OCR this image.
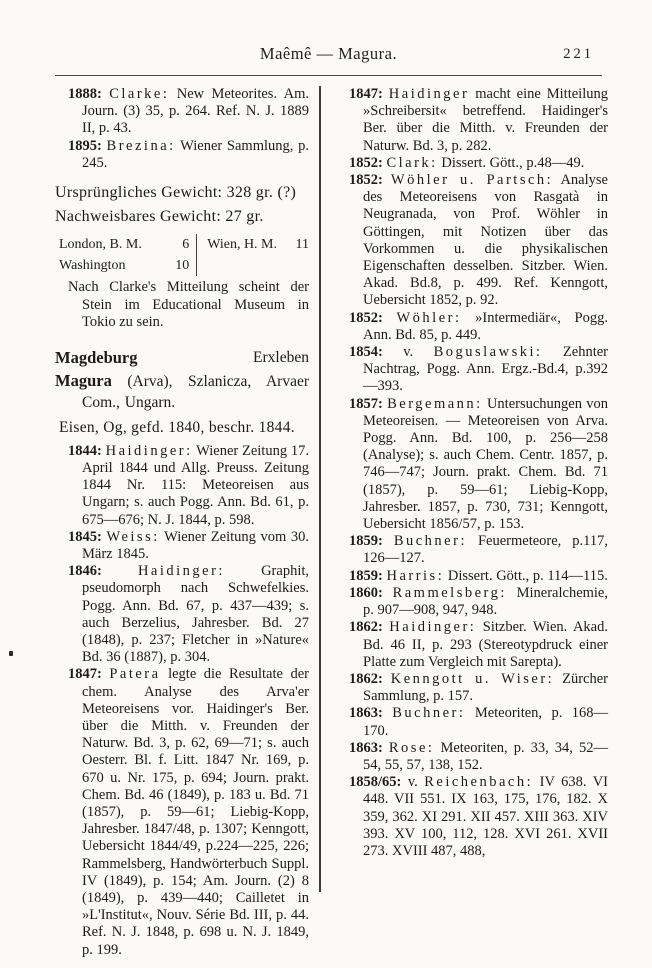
Maêmê — Magura.	221

1888: Clarke: New Meteorites. Am. Journ. (3) 35, p. 264. Ref. N. J. 1889 II, p. 43.

1895: Brezina: Wiener Sammlung, p. 245.

Ursprüngliches Gewicht: 328 gr. (?)

Nachweisbares Gewicht: 27 gr.

London, B. M.	6
Washington	10
Wien, H. M. 11

Nach Clarke's Mitteilung scheint der Stein im Educational Museum in Tokio zu sein.

Magdeburg	Erxleben

Magura (Arva), Szlanicza, Arvaer Com., Ungarn.

Eisen, Og, gefd. 1840, beschr. 1844.

1844: Haidinger: Wiener Zeitung 17. April 1844 und Allg. Preuss. Zeitung 1844 Nr. 115: Meteoreisen aus Ungarn; s. auch Pogg. Ann. Bd. 61, p. 675—676; N. J. 1844, p. 598.

1845: Weiss: Wiener Zeitung vom 30. März 1845.

1846: Haidinger: Graphit, pseudomorph nach Schwefelkies. Pogg. Ann. Bd. 67, p. 437—439; s. auch Berzelius, Jahresber. Bd. 27 (1848), p. 237; Fletcher in »Nature« Bd. 36 (1887), p. 304.

1847: Patera legte die Resultate der chem. Analyse des Arva'er Meteoreisens vor. Haidinger's Ber. über die Mitth. v. Freunden der Naturw. Bd. 3, p. 62, 69—71; s. auch Oesterr. Bl. f. Litt. 1847 Nr. 169, p. 670 u. Nr. 175, p. 694; Journ. prakt. Chem. Bd. 46 (1849), p. 183 u. Bd. 71 (1857), p. 59—61; Liebig-Kopp, Jahresber. 1847/48, p. 1307; Kenngott, Uebersicht 1844/49, p.224—225, 226; Rammelsberg, Handwörterbuch Suppl. IV (1849), p. 154; Am. Journ. (2) 8 (1849), p. 439—440; Cailletet in »L'Institut«, Nouv. Série Bd. III, p. 44. Ref. N. J. 1848, p. 698 u. N. J. 1849, p. 199.

1847: Haidinger macht eine Mitteilung »Schreibersit« betreffend. Haidinger's Ber. über die Mitth. v. Freunden der Naturw. Bd. 3, p. 282.

1852: Clark: Dissert. Gött., p.48—49.

1852: Wöhler u. Partsch: Analyse des Meteoreisens von Rasgatà in Neugranada, von Prof. Wöhler in Göttingen, mit Notizen über das Vorkommen u. die physikalischen Eigenschaften desselben. Sitzber. Wien. Akad. Bd.8, p. 499. Ref. Kenngott, Uebersicht 1852, p. 92.

1852: Wöhler: »Intermediär«, Pogg. Ann. Bd. 85, p. 449.

1854: v. Boguslawski: Zehnter Nachtrag, Pogg. Ann. Ergz.-Bd.4, p.392—393.

1857: Bergemann: Untersuchungen von Meteoreisen. — Meteoreisen von Arva. Pogg. Ann. Bd. 100, p. 256—258 (Analyse); s. auch Chem. Centr. 1857, p. 746—747; Journ. prakt. Chem. Bd. 71 (1857), p. 59—61; Liebig-Kopp, Jahresber. 1857, p. 730, 731; Kenngott, Uebersicht 1856/57, p. 153.

1859: Buchner: Feuermeteore, p.117, 126—127.

1859: Harris: Dissert. Gött., p. 114—115.

1860: Rammelsberg: Mineralchemie, p. 907—908, 947, 948.

1862: Haidinger: Sitzber. Wien. Akad. Bd. 46 II, p. 293 (Stereotypdruck einer Platte zum Vergleich mit Sarepta).

1862: Kenngott u. Wiser: Zürcher Sammlung, p. 157.

1863: Buchner: Meteoriten, p. 168—170.

1863: Rose: Meteoriten, p. 33, 34, 52—54, 55, 57, 138, 152.

1858/65: v. Reichenbach: IV 638. VI 448. VII 551. IX 163, 175, 176, 182. X 359, 362. XI 291. XII 457. XIII 363. XIV 393. XV 100, 112, 128. XVI 261. XVII 273. XVIII 487, 488,
